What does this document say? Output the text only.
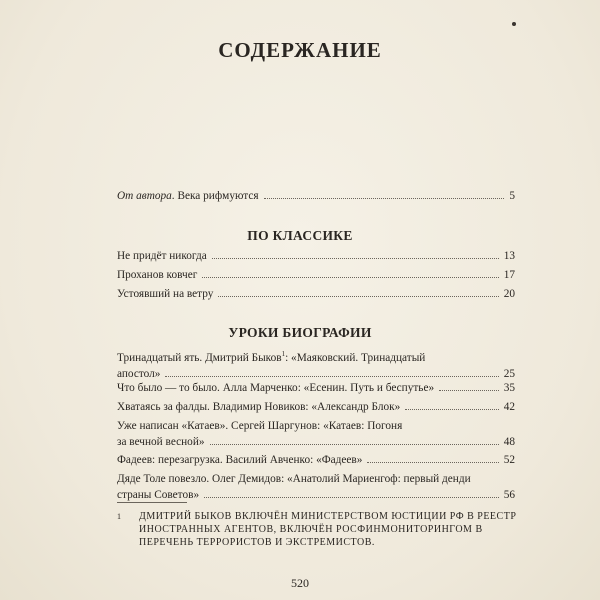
СОДЕРЖАНИЕ
От автора. Века рифмуются	5
ПО КЛАССИКЕ
Не придёт никогда	13
Проханов ковчег	17
Устоявший на ветру	20
УРОКИ БИОГРАФИИ
Тринадцатый ять. Дмитрий Быков$^1$: «Маяковский. Тринадцатый
апостол»	25
Что было — то было. Алла Марченко: «Есенин. Путь и беспутье»	35
Хватаясь за фалды. Владимир Новиков: «Александр Блок»	42
Уже написан «Катаев». Сергей Шаргунов: «Катаев: Погоня
за вечной весной»	48
Фадеев: перезагрузка. Василий Авченко: «Фадеев»	52
Дядe Толе повезло. Олег Демидов: «Анатолий Мариенгоф: первый денди
страны Советов»	56
1	ДМИТРИЙ БЫКОВ ВКЛЮЧЁН МИНИСТЕРСТВОМ ЮСТИЦИИ РФ В РЕЕСТР ИНОСТРАННЫХ АГЕНТОВ, ВКЛЮЧЁН РОСФИНМОНИТОРИНГОМ В ПЕРЕЧЕНЬ ТЕРРОРИСТОВ И ЭКСТРЕМИСТОВ.
520
